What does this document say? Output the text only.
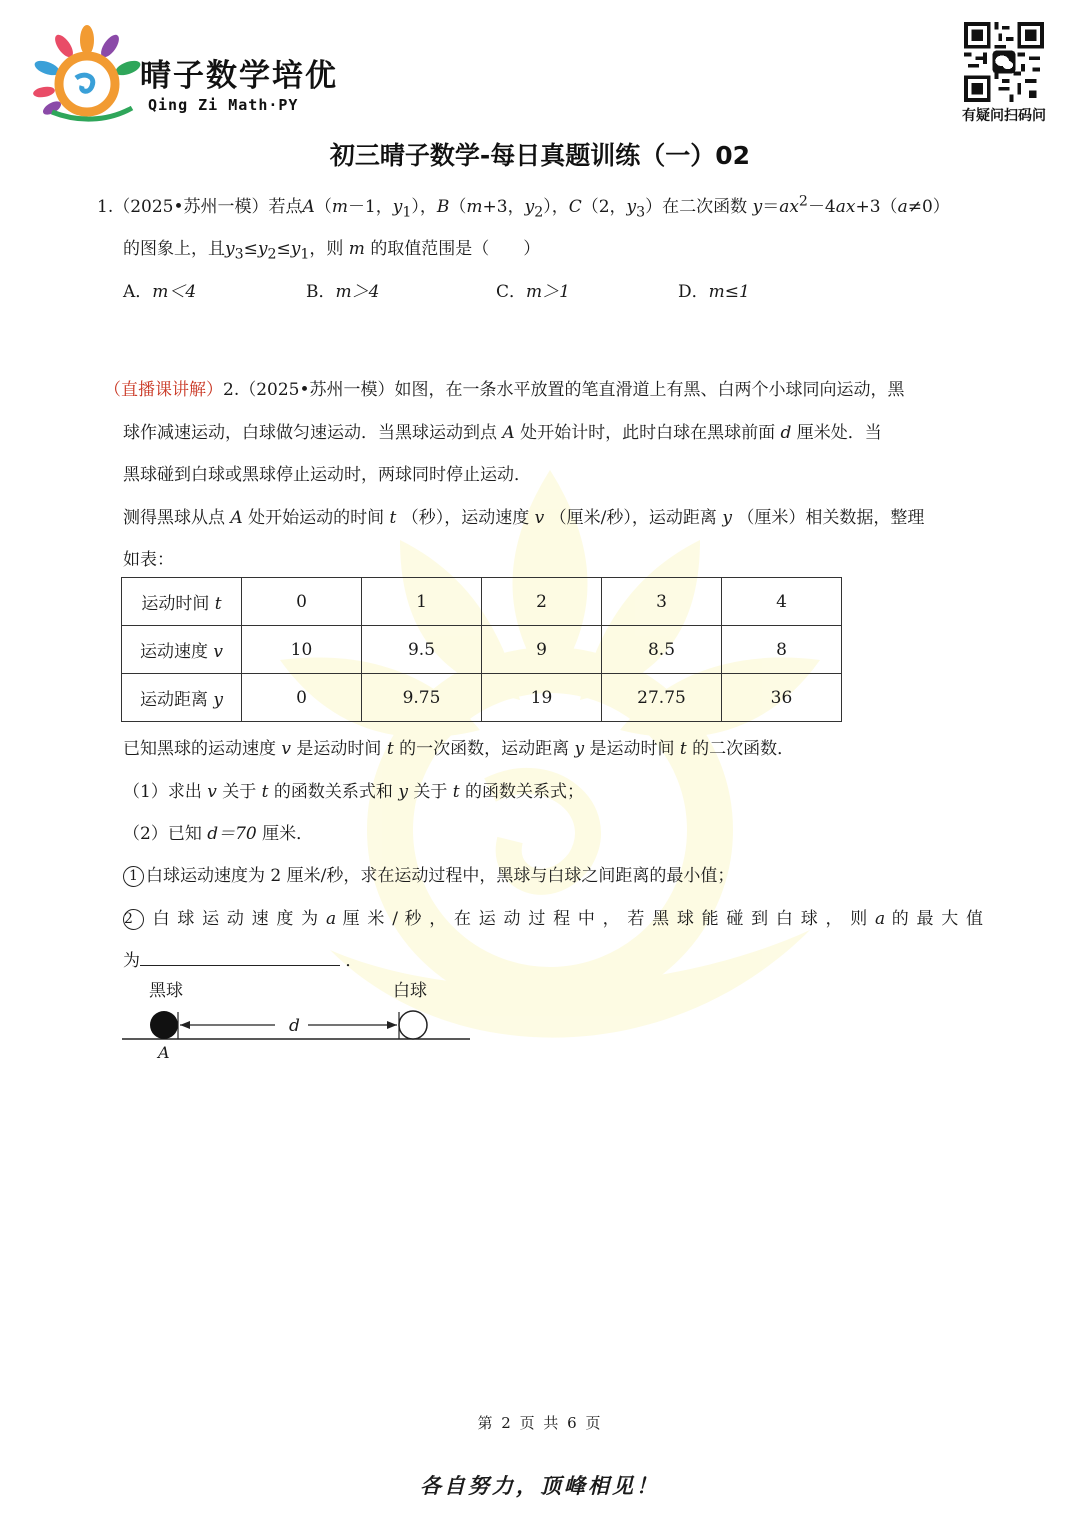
晴子数学培优
Qing Zi Math·PY
有疑问扫码问
初三晴子数学-每日真题训练（一）02
1.（2025•苏州一模）若点A（m－1，$y_1$），B（m+3，$y_2$），C（2，$y_3$）在二次函数 $y=ax^2-4ax+3(a\ne 0)$
的图象上，且$y_3\le y_2\le y_1$，则 m 的取值范围是（　　）
A．m＜4	B．m＞4	C．m＞1	D．m≤1
（直播课讲解）2.（2025•苏州一模）如图，在一条水平放置的笔直滑道上有黑、白两个小球同向运动，黑
球作减速运动，白球做匀速运动．当黑球运动到点 A 处开始计时，此时白球在黑球前面 d 厘米处．当
黑球碰到白球或黑球停止运动时，两球同时停止运动．
测得黑球从点 A 处开始运动的时间 t （秒），运动速度 v （厘米/秒），运动距离 y （厘米）相关数据，整理
如表：
运动时间 t	0	1	2	3	4
运动速度 v	10	9.5	9	8.5	8
运动距离 y	0	9.75	19	27.75	36
已知黑球的运动速度 v 是运动时间 t 的一次函数，运动距离 y 是运动时间 t 的二次函数．
（1）求出 v 关于 t 的函数关系式和 y 关于 t 的函数关系式；
（2）已知 d＝70 厘米．
1 白球运动速度为 2 厘米/秒，求在运动过程中，黑球与白球之间距离的最小值；
2 白 球 运 动 速 度 为 a 厘 米 / 秒 ， 在 运 动 过 程 中 ， 若 黑 球 能 碰 到 白 球 ， 则 a 的 最 大 值
为	．
黑球	白球
d
A
第 2 页 共 6 页
各自努力，顶峰相见！
